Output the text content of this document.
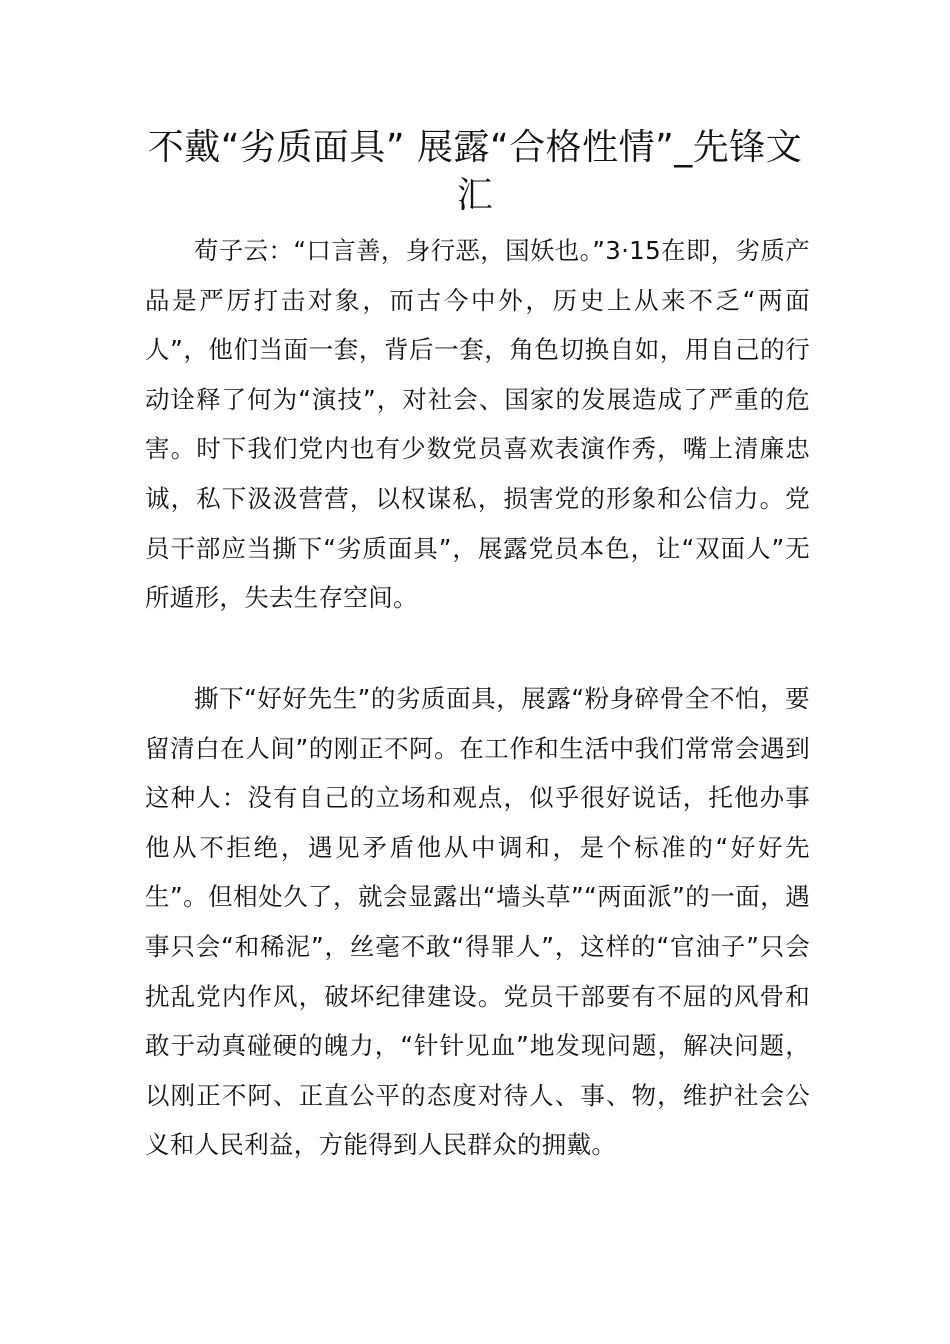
不戴“劣质面具” 展露“合格性情”_先锋文汇

荀子云：“口言善，身行恶，国妖也。”3·15在即，劣质产品是严厉打击对象，而古今中外，历史上从来不乏“两面人”，他们当面一套，背后一套，角色切换自如，用自己的行动诠释了何为“演技”，对社会、国家的发展造成了严重的危害。时下我们党内也有少数党员喜欢表演作秀，嘴上清廉忠诚，私下汲汲营营，以权谋私，损害党的形象和公信力。党员干部应当撕下“劣质面具”，展露党员本色，让“双面人”无所遁形，失去生存空间。

撕下“好好先生”的劣质面具，展露“粉身碎骨全不怕，要留清白在人间”的刚正不阿。在工作和生活中我们常常会遇到这种人：没有自己的立场和观点，似乎很好说话，托他办事他从不拒绝，遇见矛盾他从中调和，是个标准的“好好先生”。但相处久了，就会显露出“墙头草”“两面派”的一面，遇事只会“和稀泥”，丝毫不敢“得罪人”，这样的“官油子”只会扰乱党内作风，破坏纪律建设。党员干部要有不屈的风骨和敢于动真碰硬的魄力，“针针见血”地发现问题，解决问题，以刚正不阿、正直公平的态度对待人、事、物，维护社会公义和人民利益，方能得到人民群众的拥戴。
